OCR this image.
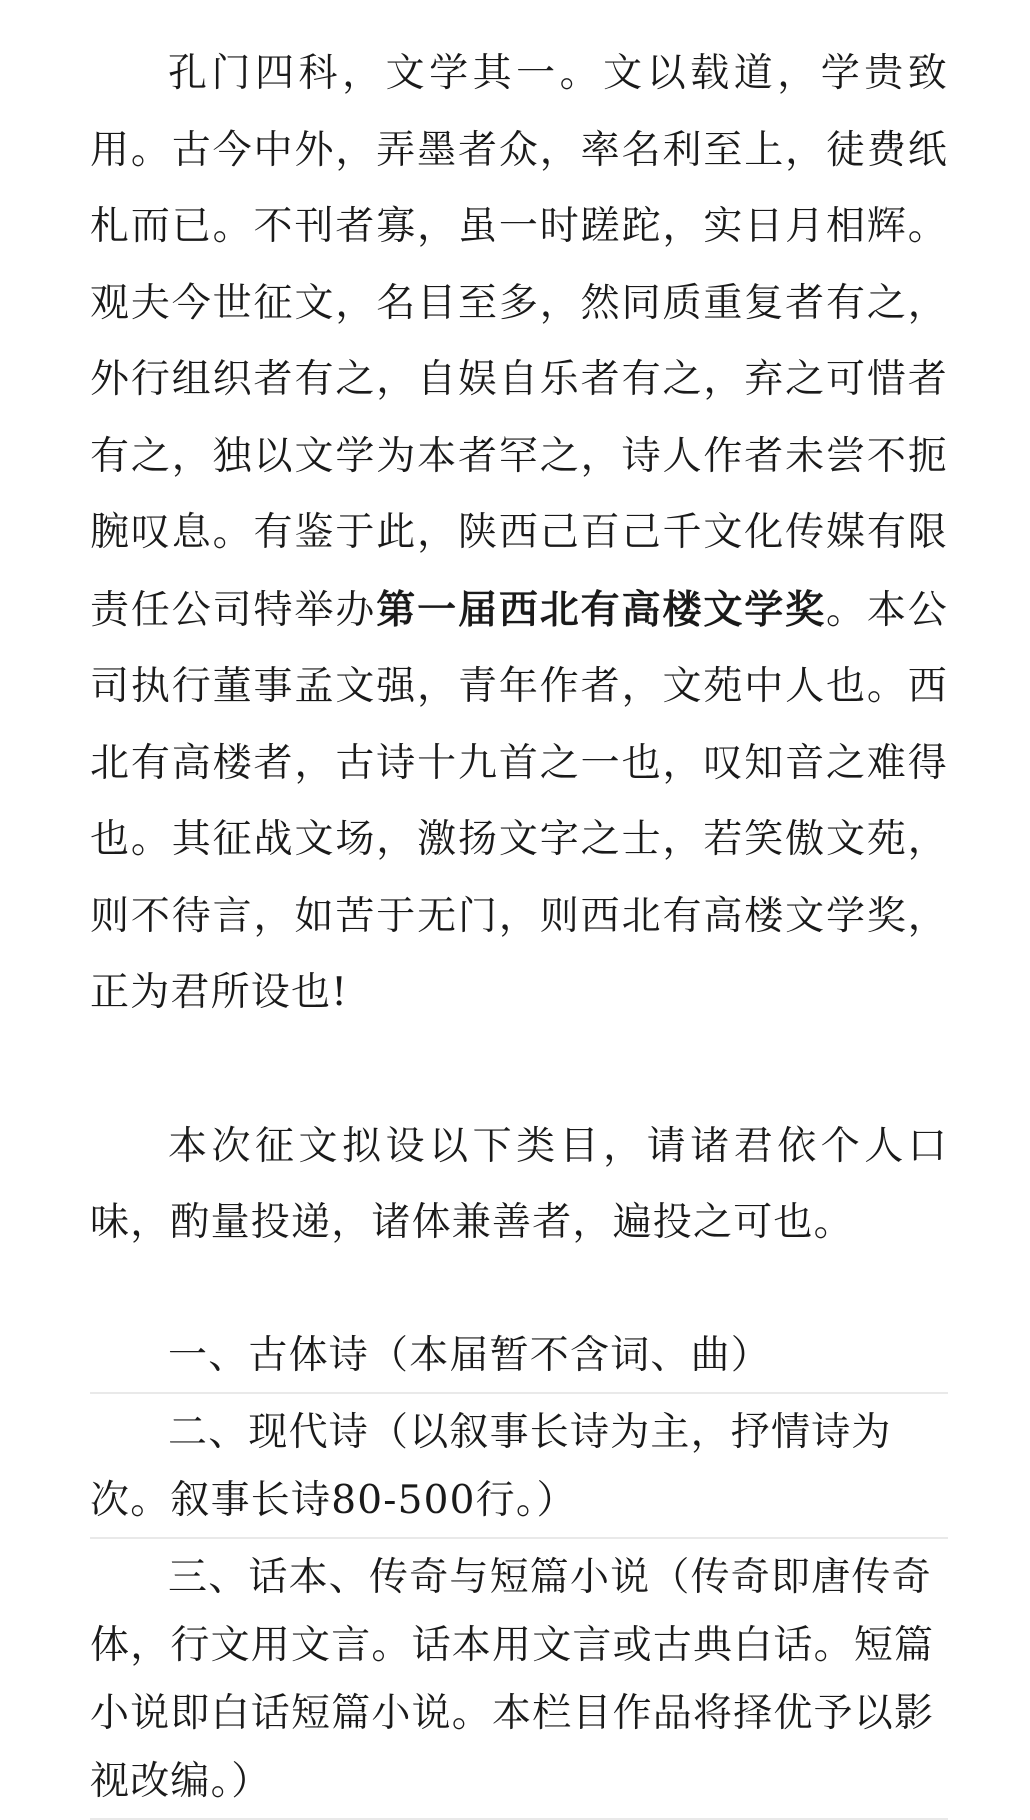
孔门四科，文学其一。文以载道，学贵致用。古今中外，弄墨者众，率名利至上，徒费纸札而已。不刊者寡，虽一时蹉跎，实日月相辉。观夫今世征文，名目至多，然同质重复者有之，外行组织者有之，自娱自乐者有之，弃之可惜者有之，独以文学为本者罕之，诗人作者未尝不扼腕叹息。有鉴于此，陕西己百己千文化传媒有限责任公司特举办第一届西北有高楼文学奖。本公司执行董事孟文强，青年作者，文苑中人也。西北有高楼者，古诗十九首之一也，叹知音之难得也。其征战文场，激扬文字之士，若笑傲文苑，则不待言，如苦于无门，则西北有高楼文学奖，正为君所设也!

本次征文拟设以下类目，请诸君依个人口味，酌量投递，诸体兼善者，遍投之可也。

一、古体诗（本届暂不含词、曲）
二、现代诗（以叙事长诗为主，抒情诗为次。叙事长诗80-500行。）
三、话本、传奇与短篇小说（传奇即唐传奇体，行文用文言。话本用文言或古典白话。短篇小说即白话短篇小说。本栏目作品将择优予以影视改编。）
